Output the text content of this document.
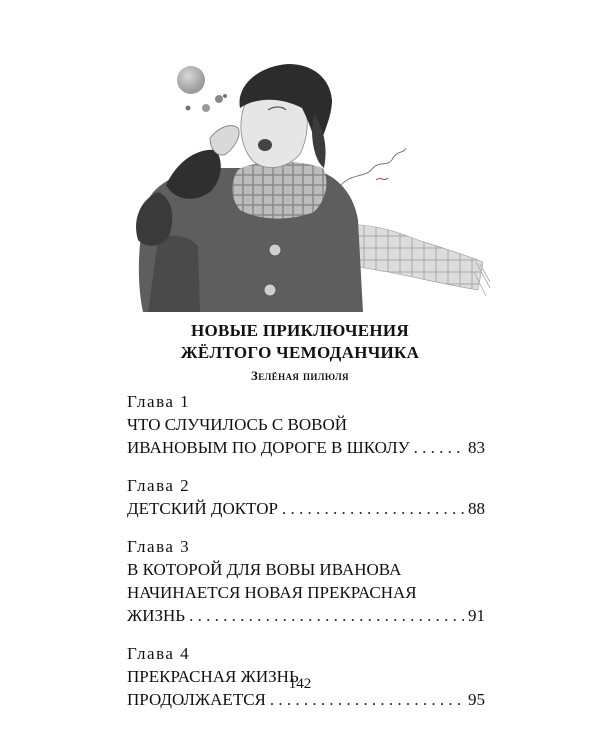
НОВЫЕ ПРИКЛЮЧЕНИЯ
ЖЁЛТОГО ЧЕМОДАНЧИКА
Зелёная пилюля
Глава 1
ЧТО СЛУЧИЛОСЬ С ВОВОЙ
ИВАНОВЫМ ПО ДОРОГЕ В ШКОЛУ . . .	83
Глава 2
ДЕТСКИЙ ДОКТОР . . .	88
Глава 3
В КОТОРОЙ ДЛЯ ВОВЫ ИВАНОВА
НАЧИНАЕТСЯ НОВАЯ ПРЕКРАСНАЯ
ЖИЗНЬ . . .	91
Глава 4
ПРЕКРАСНАЯ ЖИЗНЬ
ПРОДОЛЖАЕТСЯ . . .	95
142
